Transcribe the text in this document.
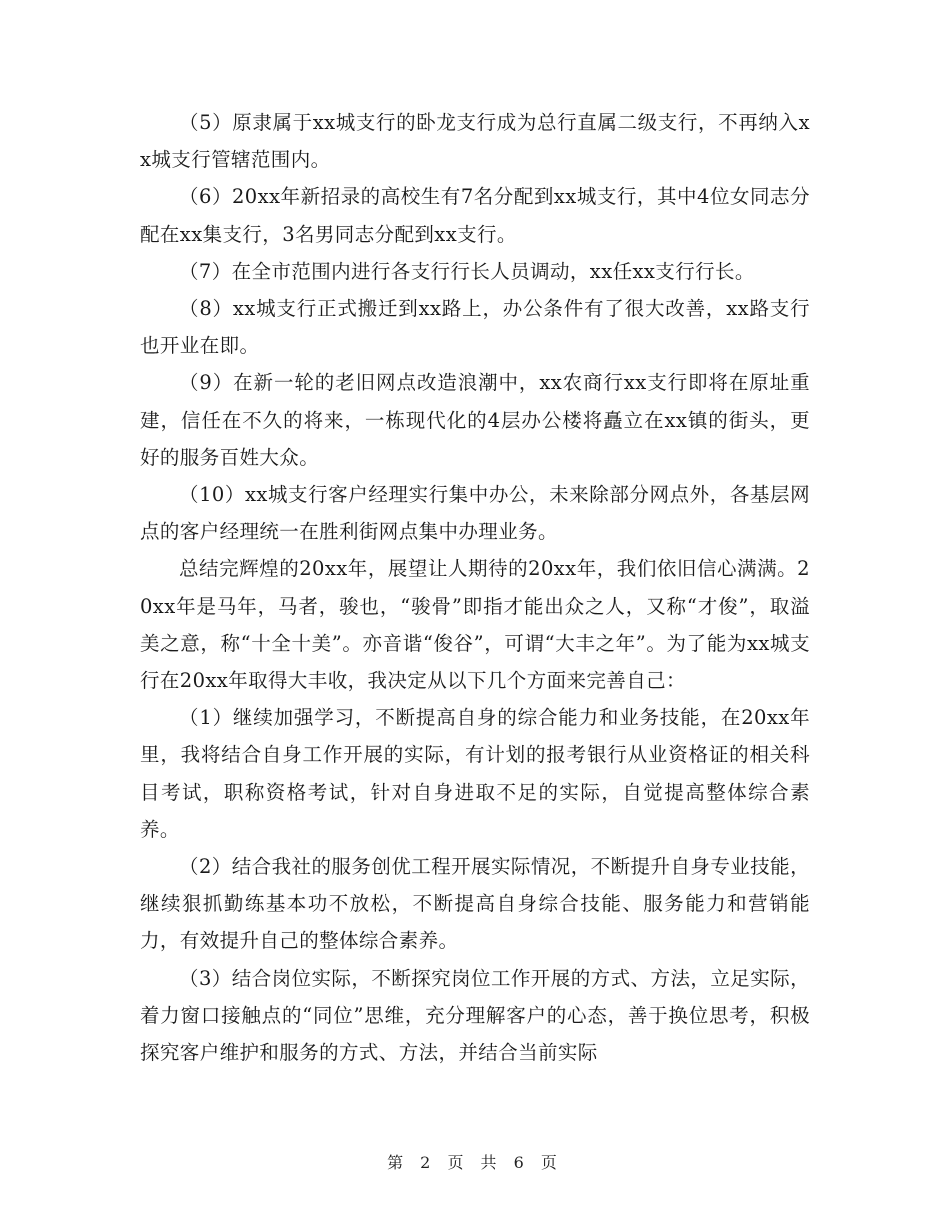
（5）原隶属于xx城支行的卧龙支行成为总行直属二级支行，不再纳入xx城支行管辖范围内。

（6）20xx年新招录的高校生有7名分配到xx城支行，其中4位女同志分配在xx集支行，3名男同志分配到xx支行。

（7）在全市范围内进行各支行行长人员调动，xx任xx支行行长。

（8）xx城支行正式搬迁到xx路上，办公条件有了很大改善，xx路支行也开业在即。

（9）在新一轮的老旧网点改造浪潮中，xx农商行xx支行即将在原址重建，信任在不久的将来，一栋现代化的4层办公楼将矗立在xx镇的街头，更好的服务百姓大众。

（10）xx城支行客户经理实行集中办公，未来除部分网点外，各基层网点的客户经理统一在胜利街网点集中办理业务。

总结完辉煌的20xx年，展望让人期待的20xx年，我们依旧信心满满。20xx年是马年，马者，骏也，“骏骨”即指才能出众之人，又称“才俊”，取溢美之意，称“十全十美”。亦音谐“俊谷”，可谓“大丰之年”。为了能为xx城支行在20xx年取得大丰收，我决定从以下几个方面来完善自己：

（1）继续加强学习，不断提高自身的综合能力和业务技能，在20xx年里，我将结合自身工作开展的实际，有计划的报考银行从业资格证的相关科目考试，职称资格考试，针对自身进取不足的实际，自觉提高整体综合素养。

（2）结合我社的服务创优工程开展实际情况，不断提升自身专业技能，继续狠抓勤练基本功不放松，不断提高自身综合技能、服务能力和营销能力，有效提升自己的整体综合素养。

（3）结合岗位实际，不断探究岗位工作开展的方式、方法，立足实际，着力窗口接触点的“同位”思维，充分理解客户的心态，善于换位思考，积极探究客户维护和服务的方式、方法，并结合当前实际

第 2 页 共 6 页
